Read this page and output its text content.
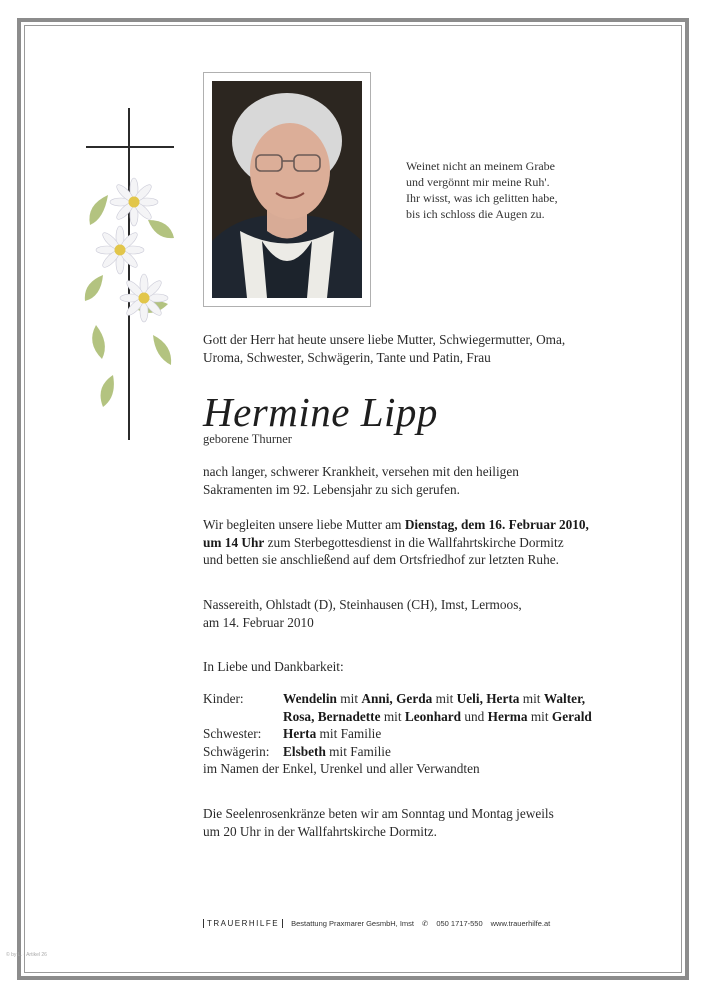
Weinet nicht an meinem Grabe
und vergönnt mir meine Ruh'.
Ihr wisst, was ich gelitten habe,
bis ich schloss die Augen zu.
Gott der Herr hat heute unsere liebe Mutter, Schwiegermutter, Oma,
Uroma, Schwester, Schwägerin, Tante und Patin, Frau
Hermine Lipp
geborene Thurner
nach langer, schwerer Krankheit, versehen mit den heiligen
Sakramenten im 92. Lebensjahr zu sich gerufen.
Wir begleiten unsere liebe Mutter am Dienstag, dem 16. Februar 2010,
um 14 Uhr zum Sterbegottesdienst in die Wallfahrtskirche Dormitz
und betten sie anschließend auf dem Ortsfriedhof zur letzten Ruhe.
Nassereith, Ohlstadt (D), Steinhausen (CH), Imst, Lermoos,
am 14. Februar 2010
In Liebe und Dankbarkeit:
Kinder:	Wendelin mit Anni, Gerda mit Ueli, Herta mit Walter,
Rosa, Bernadette mit Leonhard und Herma mit Gerald
Schwester: Herta mit Familie
Schwägerin: Elsbeth mit Familie
im Namen der Enkel, Urenkel und aller Verwandten
Die Seelenrosenkränze beten wir am Sonntag und Montag jeweils
um 20 Uhr in der Wallfahrtskirche Dormitz.
TRAUERHILFE	Bestattung Praxmarer GesmbH, Imst ✆ 050 1717-550 www.trauerhilfe.at
© by L. · Artikel 26
